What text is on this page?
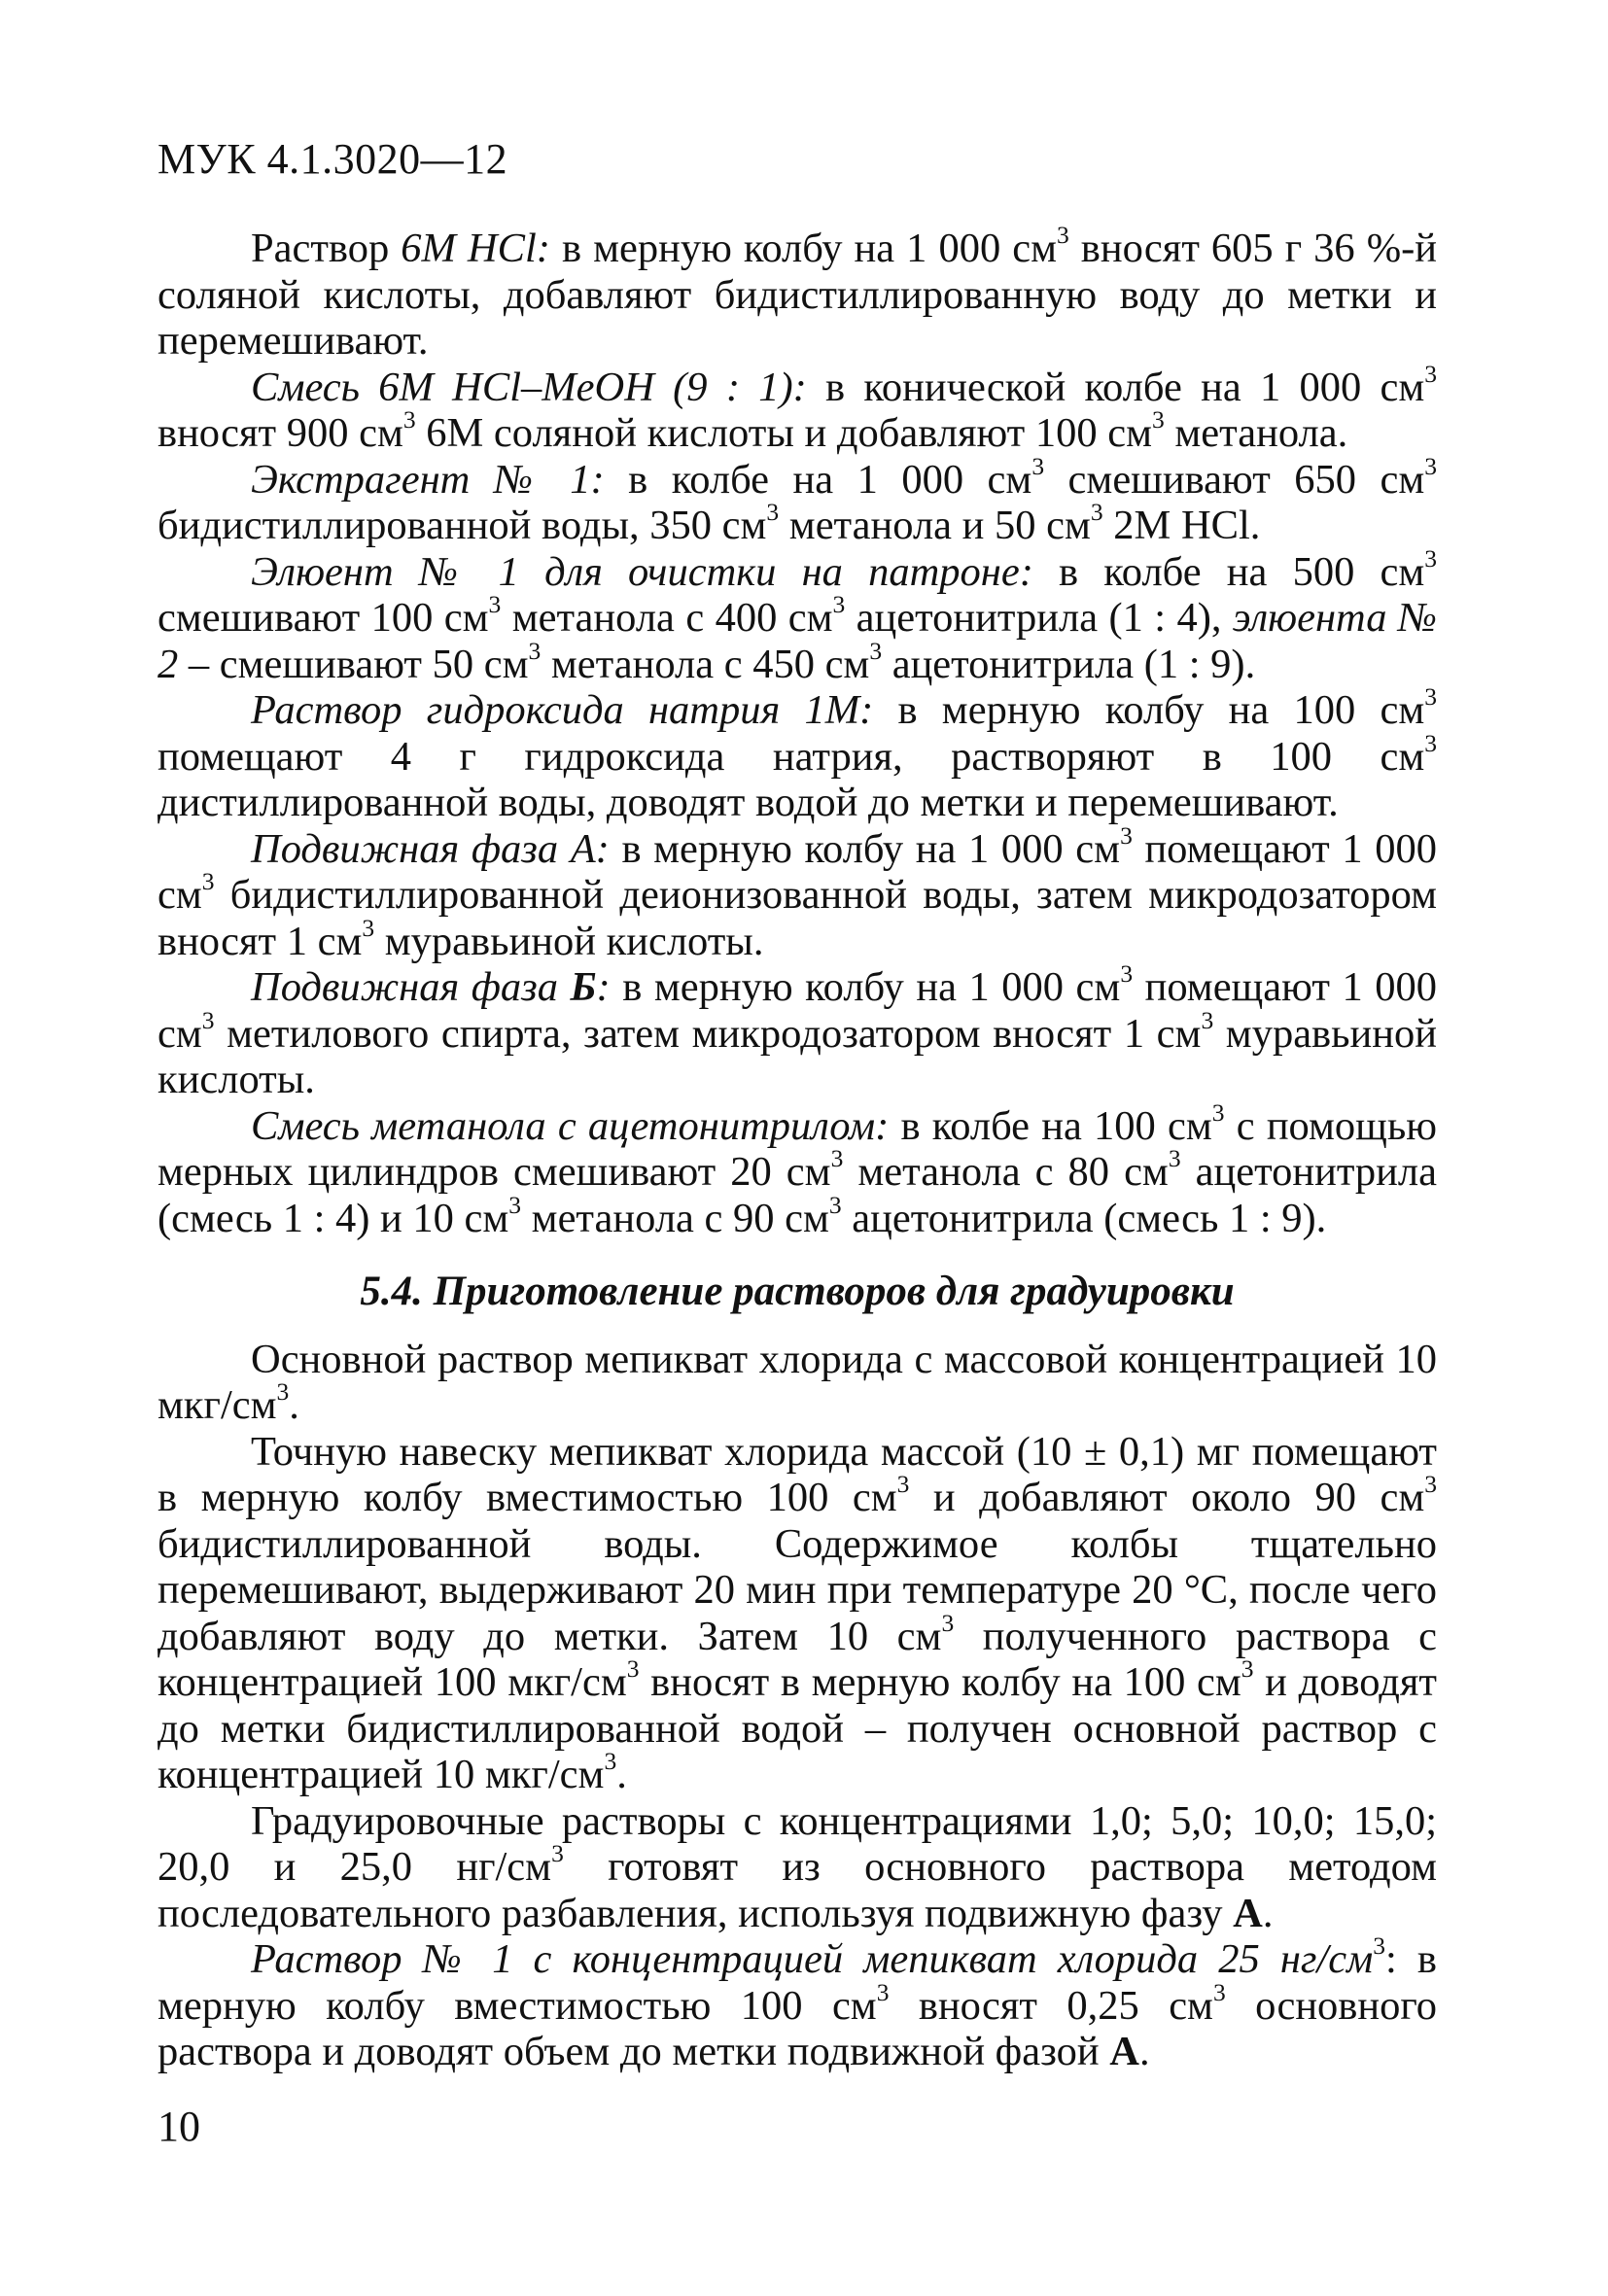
МУК 4.1.3020—12

Раствор 6М HCl: в мерную колбу на 1 000 $см^3$ вносят 605 г 36 %-й соляной кислоты, добавляют бидистиллированную воду до метки и перемешивают.

Смесь 6М HCl–MeOH (9 : 1): в конической колбе на 1 000 $см^3$ вносят 900 $см^3$ 6М соляной кислоты и добавляют 100 $см^3$ метанола.

Экстрагент № 1: в колбе на 1 000 $см^3$ смешивают 650 $см^3$ бидистиллированной воды, 350 $см^3$ метанола и 50 $см^3$ 2М HCl.

Элюент № 1 для очистки на патроне: в колбе на 500 $см^3$ смешивают 100 $см^3$ метанола с 400 $см^3$ ацетонитрила (1 : 4), элюента № 2 – смешивают 50 $см^3$ метанола с 450 $см^3$ ацетонитрила (1 : 9).

Раствор гидроксида натрия 1М: в мерную колбу на 100 $см^3$ помещают 4 г гидроксида натрия, растворяют в 100 $см^3$ дистиллированной воды, доводят водой до метки и перемешивают.

Подвижная фаза А: в мерную колбу на 1 000 $см^3$ помещают 1 000 $см^3$ бидистиллированной деионизованной воды, затем микродозатором вносят 1 $см^3$ муравьиной кислоты.

Подвижная фаза Б: в мерную колбу на 1 000 $см^3$ помещают 1 000 $см^3$ метилового спирта, затем микродозатором вносят 1 $см^3$ муравьиной кислоты.

Смесь метанола с ацетонитрилом: в колбе на 100 $см^3$ с помощью мерных цилиндров смешивают 20 $см^3$ метанола с 80 $см^3$ ацетонитрила (смесь 1 : 4) и 10 $см^3$ метанола с 90 $см^3$ ацетонитрила (смесь 1 : 9).

5.4. Приготовление растворов для градуировки

Основной раствор мепикват хлорида с массовой концентрацией 10 мкг/$см^3$.

Точную навеску мепикват хлорида массой (10 ± 0,1) мг помещают в мерную колбу вместимостью 100 $см^3$ и добавляют около 90 $см^3$ бидистиллированной воды. Содержимое колбы тщательно перемешивают, выдерживают 20 мин при температуре 20 °С, после чего добавляют воду до метки. Затем 10 $см^3$ полученного раствора с концентрацией 100 мкг/$см^3$ вносят в мерную колбу на 100 $см^3$ и доводят до метки бидистиллированной водой – получен основной раствор с концентрацией 10 мкг/$см^3$.

Градуировочные растворы с концентрациями 1,0; 5,0; 10,0; 15,0; 20,0 и 25,0 $нг/см^3$ готовят из основного раствора методом последовательного разбавления, используя подвижную фазу А.

Раствор № 1 с концентрацией мепикват хлорида 25 $нг/см^3$: в мерную колбу вместимостью 100 $см^3$ вносят 0,25 $см^3$ основного раствора и доводят объем до метки подвижной фазой А.

10
